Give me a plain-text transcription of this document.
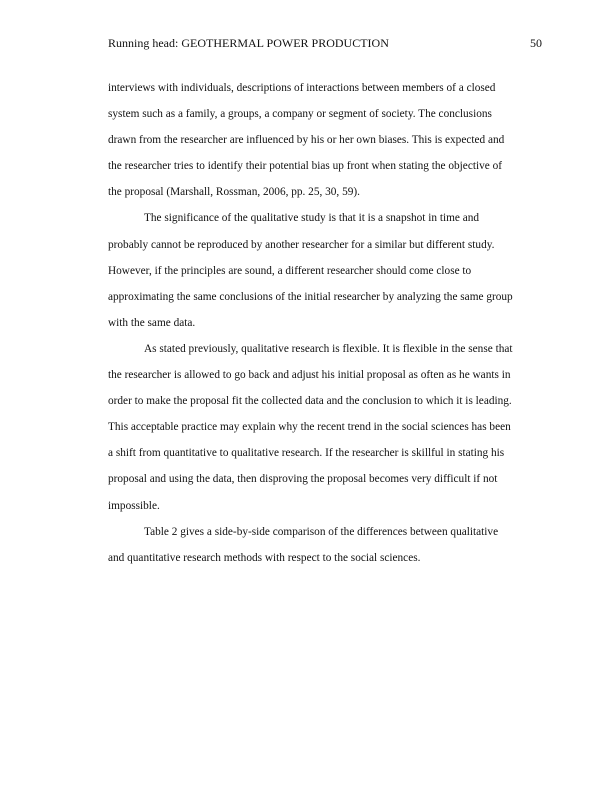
Running head: GEOTHERMAL POWER PRODUCTION	50
interviews with individuals, descriptions of interactions between members of a closed
system such as a family, a groups, a company or segment of society. The conclusions
drawn from the researcher are influenced by his or her own biases. This is expected and
the researcher tries to identify their potential bias up front when stating the objective of
the proposal (Marshall, Rossman, 2006, pp. 25, 30, 59).
The significance of the qualitative study is that it is a snapshot in time and
probably cannot be reproduced by another researcher for a similar but different study.
However, if the principles are sound, a different researcher should come close to
approximating the same conclusions of the initial researcher by analyzing the same group
with the same data.
As stated previously, qualitative research is flexible. It is flexible in the sense that
the researcher is allowed to go back and adjust his initial proposal as often as he wants in
order to make the proposal fit the collected data and the conclusion to which it is leading.
This acceptable practice may explain why the recent trend in the social sciences has been
a shift from quantitative to qualitative research. If the researcher is skillful in stating his
proposal and using the data, then disproving the proposal becomes very difficult if not
impossible.
Table 2 gives a side-by-side comparison of the differences between qualitative
and quantitative research methods with respect to the social sciences.
